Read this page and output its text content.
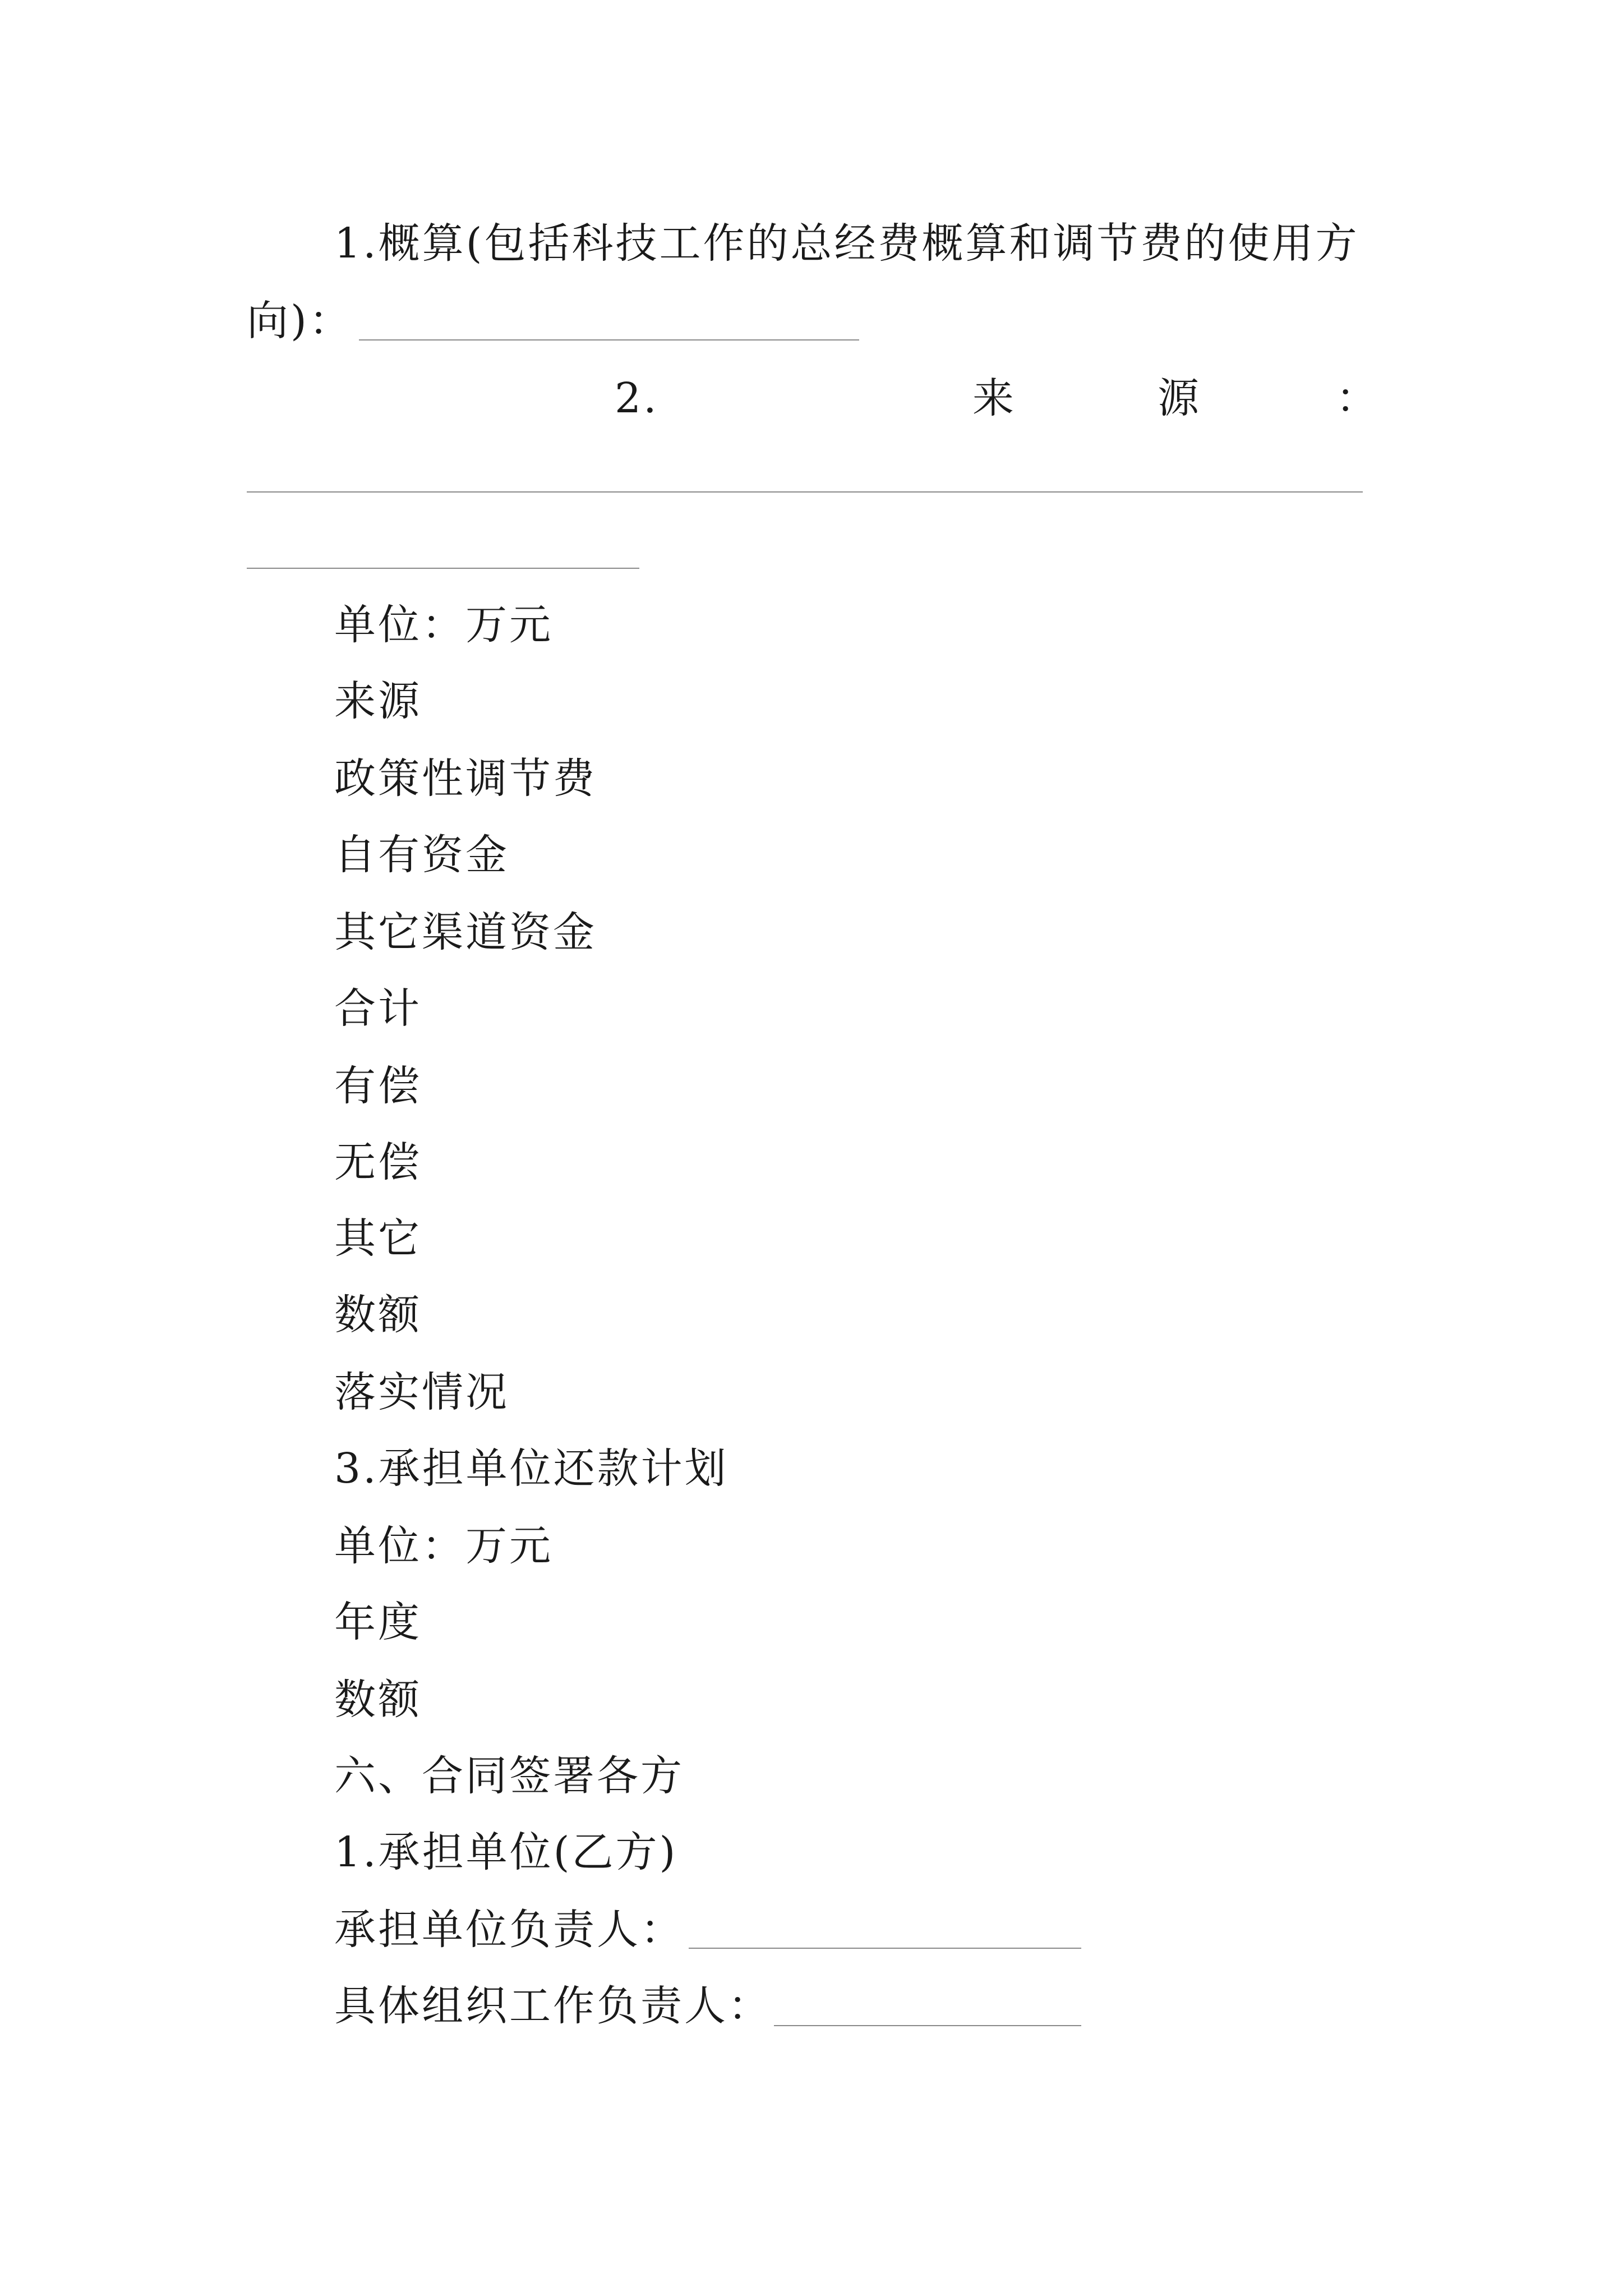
1.概算(包括科技工作的总经费概算和调节费的使用方
向)：
2.	来	源	：
单位：万元
来源
政策性调节费
自有资金
其它渠道资金
合计
有偿
无偿
其它
数额
落实情况
3.承担单位还款计划
单位：万元
年度
数额
六、合同签署各方
1.承担单位(乙方)
承担单位负责人：
具体组织工作负责人：
